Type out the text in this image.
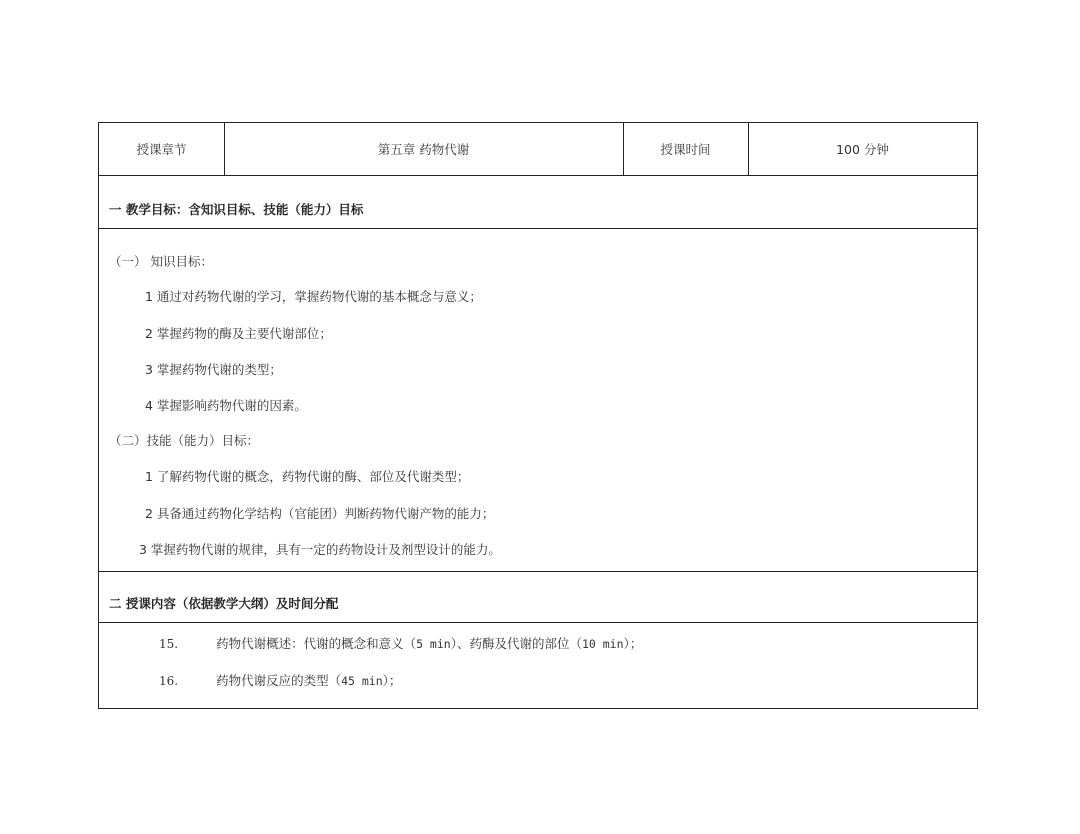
授课章节	第五章 药物代谢	授课时间	100 分钟
一 教学目标：含知识目标、技能（能力）目标
（一） 知识目标：
1 通过对药物代谢的学习，掌握药物代谢的基本概念与意义；
2 掌握药物的酶及主要代谢部位；
3 掌握药物代谢的类型；
4 掌握影响药物代谢的因素。
（二）技能（能力）目标：
1 了解药物代谢的概念，药物代谢的酶、部位及代谢类型；
2 具备通过药物化学结构（官能团）判断药物代谢产物的能力；
3 掌握药物代谢的规律，具有一定的药物设计及剂型设计的能力。
二 授课内容（依据教学大纲）及时间分配
15.	药物代谢概述：代谢的概念和意义（5 min）、药酶及代谢的部位（10 min）；
16.	药物代谢反应的类型（45 min）；
